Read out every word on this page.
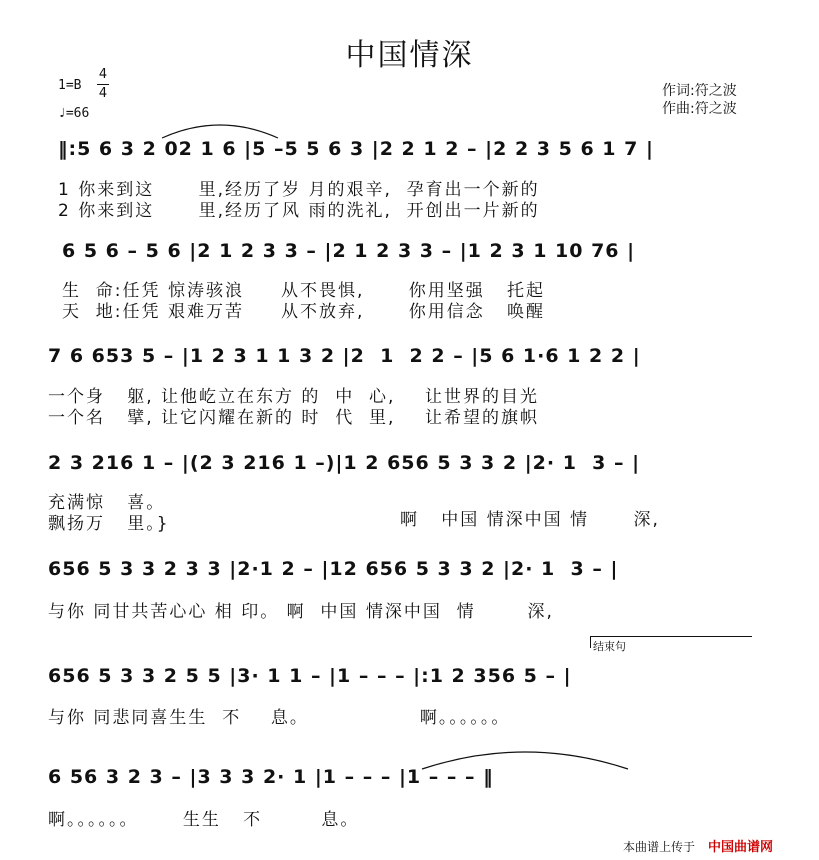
中国情深
1=B
4
4
♩=66
作词:符之波
作曲:符之波
‖:5 6 3 2 02 1 6 |5 –5 5 6 3 |2 2 1 2 – |2 2 3 5 6 1 7 |
1 你来到这      里,经历了岁 月的艰辛,  孕育出一个新的
2 你来到这      里,经历了风 雨的洗礼,  开创出一片新的
6 5 6 – 5 6 |2 1 2 3 3 – |2 1 2 3 3 – |1 2 3 1 10 76 |
生  命:任凭 惊涛骇浪     从不畏惧,      你用坚强   托起
天  地:任凭 艰难万苦     从不放弃,      你用信念   唤醒
7 6 653 5 – |1 2 3 1 1 3 2 |2  1  2 2 – |5 6 1·6 1 2 2 |
一个身   躯, 让他屹立在东方 的  中  心,    让世界的目光
一个名   擘, 让它闪耀在新的 时  代  里,    让希望的旗帜
2 3 216 1 – |(2 3 216 1 –)|1 2 656 5 3 3 2 |2· 1  3 – |
充满惊   喜。
飘扬万   里。}	啊   中国 情深中国 情      深,
656 5 3 3 2 3 3 |2·1 2 – |12 656 5 3 3 2 |2· 1  3 – |
与你 同甘共苦心心 相 印。 啊  中国 情深中国  情       深,
结束句
656 5 3 3 2 5 5 |3· 1 1 – |1 – – – |:1 2 356 5 – |
与你 同悲同喜生生  不    息。               啊。。。。。。
6 56 3 2 3 – |3 3 3 2· 1 |1 – – – |1 – – – ‖
啊。。。。。。      生生   不        息。
本曲谱上传于 中国曲谱网
